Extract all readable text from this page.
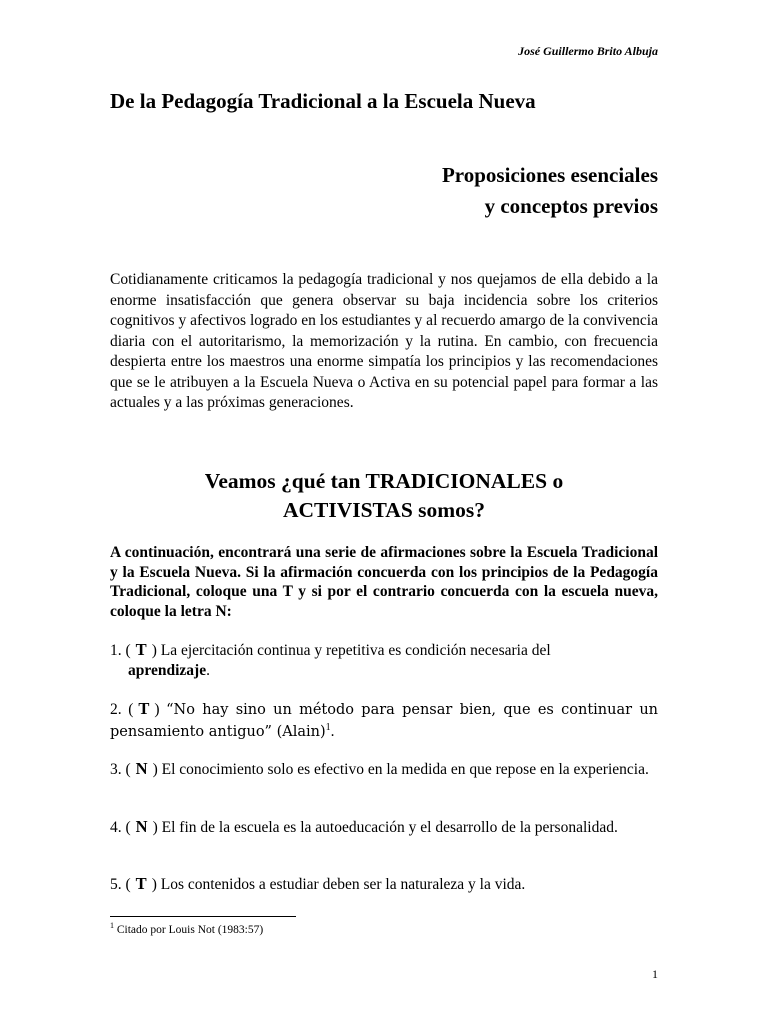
José Guillermo Brito Albuja
De la Pedagogía Tradicional a la Escuela Nueva
Proposiciones esenciales
y conceptos previos

Cotidianamente criticamos la pedagogía tradicional y nos quejamos de ella debido a la enorme insatisfacción que genera observar su baja incidencia sobre los criterios cognitivos y afectivos logrado en los estudiantes y al recuerdo amargo de la convivencia diaria con el autoritarismo, la memorización y la rutina. En cambio, con frecuencia despierta entre los maestros una enorme simpatía los principios y las recomendaciones que se le atribuyen a la Escuela Nueva o Activa en su potencial papel para formar a las actuales y a las próximas generaciones.

Veamos ¿qué tan TRADICIONALES o
ACTIVISTAS somos?

A continuación, encontrará una serie de afirmaciones sobre la Escuela Tradicional y la Escuela Nueva. Si la afirmación concuerda con los principios de la Pedagogía Tradicional, coloque una T y si por el contrario concuerda con la escuela nueva, coloque la letra N:

1. ( T ) La ejercitación continua y repetitiva es condición necesaria del
aprendizaje.
2. ( T ) “No hay sino un método para pensar bien, que es continuar un pensamiento antiguo” (Alain)$^1$.
3. ( N ) El conocimiento solo es efectivo en la medida en que repose en la experiencia.
4. ( N ) El fin de la escuela es la autoeducación y el desarrollo de la personalidad.
5. ( T ) Los contenidos a estudiar deben ser la naturaleza y la vida.
$^1$ Citado por Louis Not (1983:57)
1
